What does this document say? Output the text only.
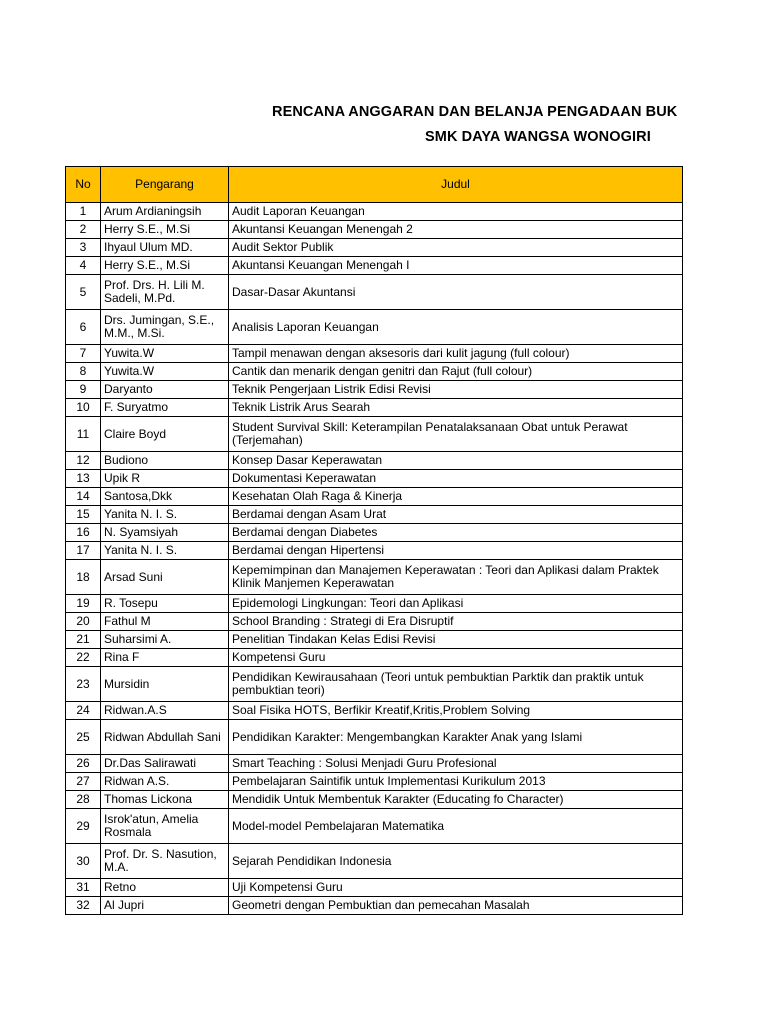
RENCANA ANGGARAN DAN BELANJA PENGADAAN BUK
SMK DAYA WANGSA WONOGIRI
No	Pengarang	Judul
1	Arum Ardianingsih	Audit Laporan Keuangan
2	Herry S.E., M.Si	Akuntansi Keuangan Menengah 2
3	Ihyaul Ulum MD.	Audit Sektor Publik
4	Herry S.E., M.Si	Akuntansi Keuangan Menengah I
5	Prof. Drs. H. Lili M. Sadeli, M.Pd.	Dasar-Dasar Akuntansi
6	Drs. Jumingan, S.E., M.M., M.Si.	Analisis Laporan Keuangan
7	Yuwita.W	Tampil menawan dengan aksesoris dari kulit jagung (full colour)
8	Yuwita.W	Cantik dan menarik dengan genitri dan Rajut (full colour)
9	Daryanto	Teknik Pengerjaan Listrik Edisi Revisi
10	F. Suryatmo	Teknik Listrik Arus Searah
11	Claire Boyd	Student Survival Skill: Keterampilan Penatalaksanaan Obat untuk Perawat (Terjemahan)
12	Budiono	Konsep Dasar Keperawatan
13	Upik R	Dokumentasi Keperawatan
14	Santosa,Dkk	Kesehatan Olah Raga & Kinerja
15	Yanita N. I. S.	Berdamai dengan Asam Urat
16	N. Syamsiyah	Berdamai dengan Diabetes
17	Yanita N. I. S.	Berdamai dengan Hipertensi
18	Arsad Suni	Kepemimpinan dan Manajemen Keperawatan : Teori dan Aplikasi dalam Praktek Klinik Manjemen Keperawatan
19	R. Tosepu	Epidemologi Lingkungan: Teori dan Aplikasi
20	Fathul M	School Branding : Strategi di Era Disruptif
21	Suharsimi A.	Penelitian Tindakan Kelas Edisi Revisi
22	Rina F	Kompetensi Guru
23	Mursidin	Pendidikan Kewirausahaan (Teori untuk pembuktian Parktik dan praktik untuk pembuktian teori)
24	Ridwan.A.S	Soal Fisika HOTS, Berfikir Kreatif,Kritis,Problem Solving
25	Ridwan Abdullah Sani	Pendidikan Karakter: Mengembangkan Karakter Anak yang Islami
26	Dr.Das Salirawati	Smart Teaching : Solusi Menjadi Guru Profesional
27	Ridwan A.S.	Pembelajaran Saintifik untuk Implementasi Kurikulum 2013
28	Thomas Lickona	Mendidik Untuk Membentuk Karakter (Educating fo Character)
29	Isrok'atun, Amelia Rosmala	Model-model Pembelajaran Matematika
30	Prof. Dr. S. Nasution, M.A.	Sejarah Pendidikan Indonesia
31	Retno	Uji Kompetensi Guru
32	Al Jupri	Geometri dengan Pembuktian dan pemecahan Masalah
